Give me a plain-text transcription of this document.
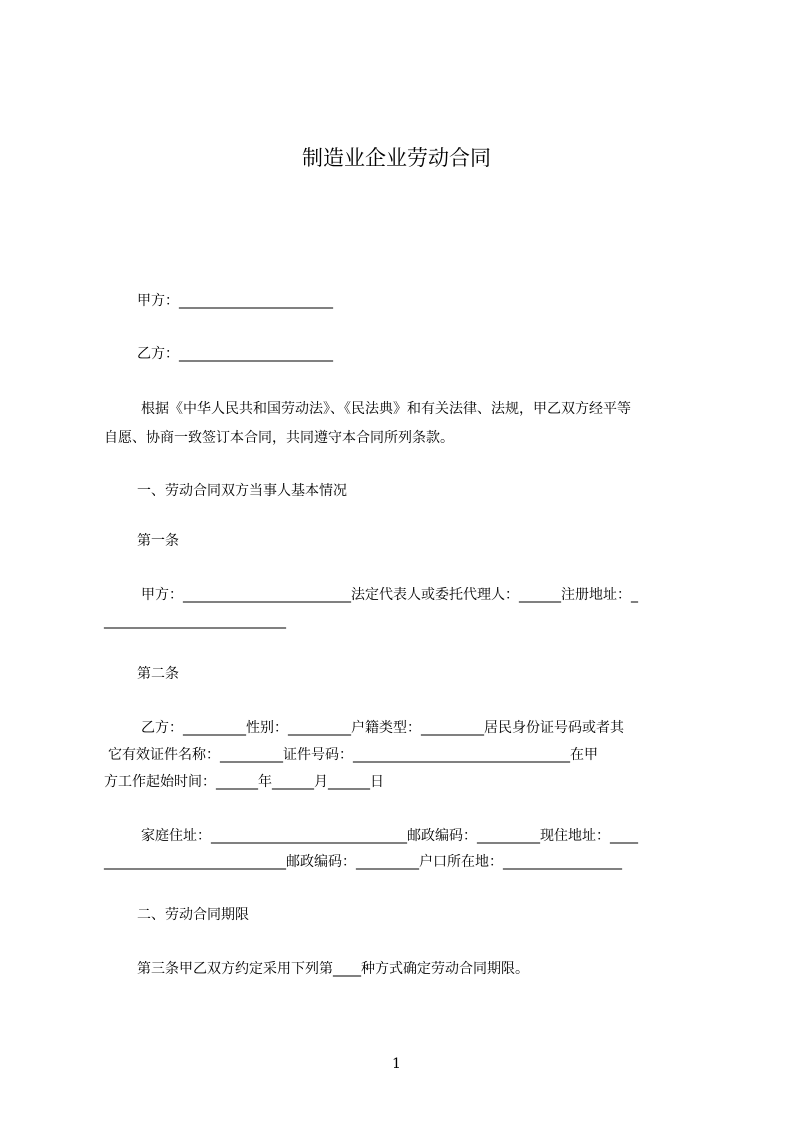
制造业企业劳动合同
甲方：______________________
乙方：______________________
根据《中华人民共和国劳动法》、《民法典》和有关法律、法规，甲乙双方经平等
自愿、协商一致签订本合同，共同遵守本合同所列条款。
一、劳动合同双方当事人基本情况
第一条
甲方：________________________法定代表人或委托代理人：______注册地址：_
__________________________
第二条
乙方：_________性别：_________户籍类型：_________居民身份证号码或者其
它有效证件名称：_________证件号码：_______________________________在甲
方工作起始时间：______年______月______日
家庭住址：____________________________邮政编码：_________现住地址：____
__________________________邮政编码：_________户口所在地：_________________
二、劳动合同期限
第三条甲乙双方约定采用下列第____种方式确定劳动合同期限。
1
